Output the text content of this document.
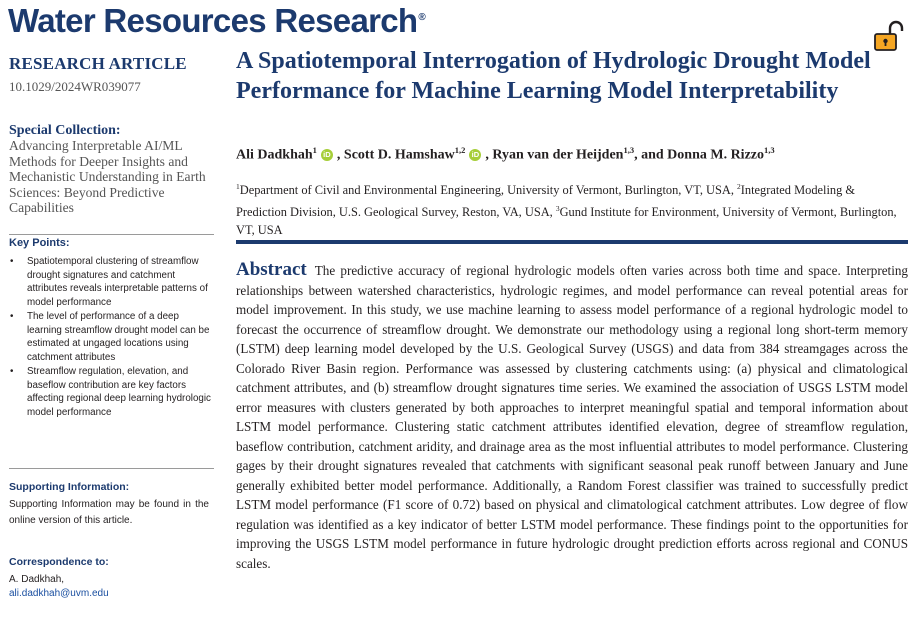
Water Resources Research®
RESEARCH ARTICLE
10.1029/2024WR039077
Special Collection:
Advancing Interpretable AI/ML Methods for Deeper Insights and Mechanistic Understanding in Earth Sciences: Beyond Predictive Capabilities
Key Points:
• Spatiotemporal clustering of streamflow drought signatures and catchment attributes reveals interpretable patterns of model performance
• The level of performance of a deep learning streamflow drought model can be estimated at ungaged locations using catchment attributes
• Streamflow regulation, elevation, and baseflow contribution are key factors affecting regional deep learning hydrologic model performance
Supporting Information:
Supporting Information may be found in the online version of this article.
Correspondence to:
A. Dadkhah,
ali.dadkhah@uvm.edu
A Spatiotemporal Interrogation of Hydrologic Drought Model Performance for Machine Learning Model Interpretability
Ali Dadkhah$^1$ iD , Scott D. Hamshaw$^{1,2}$ iD , Ryan van der Heijden$^{1,3}$, and Donna M. Rizzo$^{1,3}$
$^1$Department of Civil and Environmental Engineering, University of Vermont, Burlington, VT, USA, $^2$Integrated Modeling & Prediction Division, U.S. Geological Survey, Reston, VA, USA, $^3$Gund Institute for Environment, University of Vermont, Burlington, VT, USA
Abstract The predictive accuracy of regional hydrologic models often varies across both time and space. Interpreting relationships between watershed characteristics, hydrologic regimes, and model performance can reveal potential areas for model improvement. In this study, we use machine learning to assess model performance of a regional hydrologic model to forecast the occurrence of streamflow drought. We demonstrate our methodology using a regional long short-term memory (LSTM) deep learning model developed by the U.S. Geological Survey (USGS) and data from 384 streamgages across the Colorado River Basin region. Performance was assessed by clustering catchments using: (a) physical and climatological catchment attributes, and (b) streamflow drought signatures time series. We examined the association of USGS LSTM model error measures with clusters generated by both approaches to interpret meaningful spatial and temporal information about LSTM model performance. Clustering static catchment attributes identified elevation, degree of streamflow regulation, baseflow contribution, catchment aridity, and drainage area as the most influential attributes to model performance. Clustering gages by their drought signatures revealed that catchments with significant seasonal peak runoff between January and June generally exhibited better model performance. Additionally, a Random Forest classifier was trained to successfully predict LSTM model performance (F1 score of 0.72) based on physical and climatological catchment attributes. Low degree of flow regulation was identified as a key indicator of better LSTM model performance. These findings point to the opportunities for improving the USGS LSTM model performance in future hydrologic drought prediction efforts across regional and CONUS scales.
